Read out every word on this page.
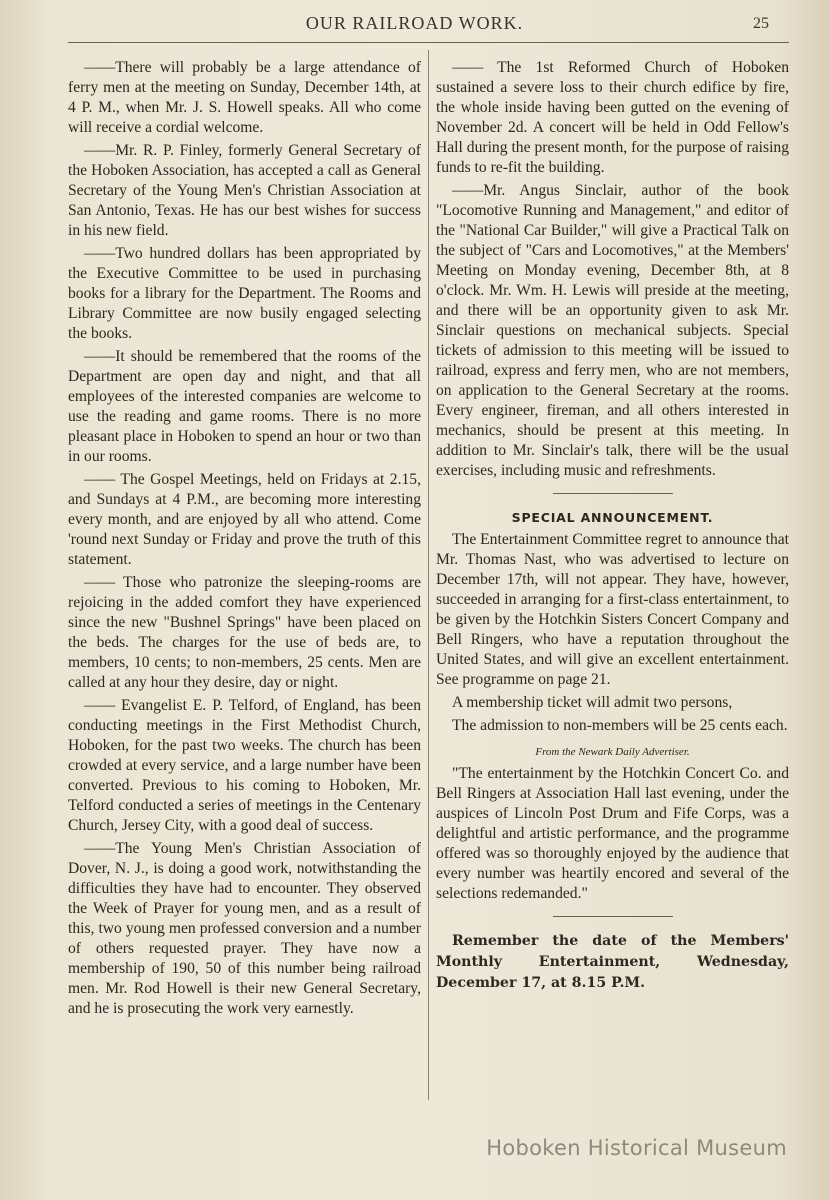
OUR RAILROAD WORK.	25

——There will probably be a large attendance of ferry men at the meeting on Sunday, December 14th, at 4 P. M., when Mr. J. S. Howell speaks. All who come will receive a cordial welcome.

——Mr. R. P. Finley, formerly General Secretary of the Hoboken Association, has accepted a call as General Secretary of the Young Men's Christian Association at San Antonio, Texas. He has our best wishes for success in his new field.

——Two hundred dollars has been appropriated by the Executive Committee to be used in purchasing books for a library for the Department. The Rooms and Library Committee are now busily engaged selecting the books.

——It should be remembered that the rooms of the Department are open day and night, and that all employees of the interested companies are welcome to use the reading and game rooms. There is no more pleasant place in Hoboken to spend an hour or two than in our rooms.

—— The Gospel Meetings, held on Fridays at 2.15, and Sundays at 4 P.M., are becoming more interesting every month, and are enjoyed by all who attend. Come 'round next Sunday or Friday and prove the truth of this statement.

—— Those who patronize the sleeping-rooms are rejoicing in the added comfort they have experienced since the new "Bushnel Springs" have been placed on the beds. The charges for the use of beds are, to members, 10 cents; to non-members, 25 cents. Men are called at any hour they desire, day or night.

—— Evangelist E. P. Telford, of England, has been conducting meetings in the First Methodist Church, Hoboken, for the past two weeks. The church has been crowded at every service, and a large number have been converted. Previous to his coming to Hoboken, Mr. Telford conducted a series of meetings in the Centenary Church, Jersey City, with a good deal of success.

——The Young Men's Christian Association of Dover, N. J., is doing a good work, notwithstanding the difficulties they have had to encounter. They observed the Week of Prayer for young men, and as a result of this, two young men professed conversion and a number of others requested prayer. They have now a membership of 190, 50 of this number being railroad men. Mr. Rod Howell is their new General Secretary, and he is prosecuting the work very earnestly.

—— The 1st Reformed Church of Hoboken sustained a severe loss to their church edifice by fire, the whole inside having been gutted on the evening of November 2d. A concert will be held in Odd Fellow's Hall during the present month, for the purpose of raising funds to re-fit the building.

——Mr. Angus Sinclair, author of the book "Locomotive Running and Management," and editor of the "National Car Builder," will give a Practical Talk on the subject of "Cars and Locomotives," at the Members' Meeting on Monday evening, December 8th, at 8 o'clock. Mr. Wm. H. Lewis will preside at the meeting, and there will be an opportunity given to ask Mr. Sinclair questions on mechanical subjects. Special tickets of admission to this meeting will be issued to railroad, express and ferry men, who are not members, on application to the General Secretary at the rooms. Every engineer, fireman, and all others interested in mechanics, should be present at this meeting. In addition to Mr. Sinclair's talk, there will be the usual exercises, including music and refreshments.

SPECIAL ANNOUNCEMENT.

The Entertainment Committee regret to announce that Mr. Thomas Nast, who was advertised to lecture on December 17th, will not appear. They have, however, succeeded in arranging for a first-class entertainment, to be given by the Hotchkin Sisters Concert Company and Bell Ringers, who have a reputation throughout the United States, and will give an excellent entertainment. See programme on page 21.

A membership ticket will admit two persons,

The admission to non-members will be 25 cents each.

From the Newark Daily Advertiser.

"The entertainment by the Hotchkin Concert Co. and Bell Ringers at Association Hall last evening, under the auspices of Lincoln Post Drum and Fife Corps, was a delightful and artistic performance, and the programme offered was so thoroughly enjoyed by the audience that every number was heartily encored and several of the selections redemanded."

Remember the date of the Members' Monthly Entertainment, Wednesday, December 17, at 8.15 P.M.
Hoboken Historical Museum
